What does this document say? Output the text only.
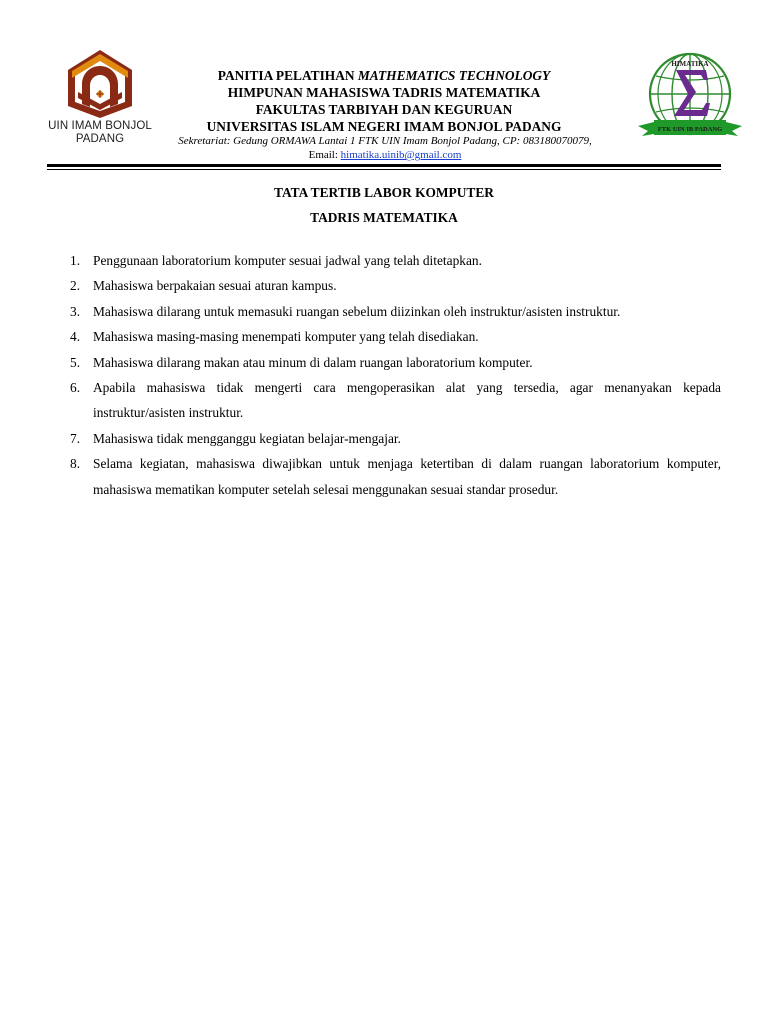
UIN IMAM BONJOL
PADANG
PANITIA PELATIHAN MATHEMATICS TECHNOLOGY
HIMPUNAN MAHASISWA TADRIS MATEMATIKA
FAKULTAS TARBIYAH DAN KEGURUAN
UNIVERSITAS ISLAM NEGERI IMAM BONJOL PADANG
Sekretariat: Gedung ORMAWA Lantai 1 FTK UIN Imam Bonjol Padang, CP: 083180070079,
Email: himatika.uinib@gmail.com
HIMATIKA
FTK UIN IB PADANG
TATA TERTIB LABOR KOMPUTER
TADRIS MATEMATIKA
1. Penggunaan laboratorium komputer sesuai jadwal yang telah ditetapkan.
2. Mahasiswa berpakaian sesuai aturan kampus.
3. Mahasiswa dilarang untuk memasuki ruangan sebelum diizinkan oleh instruktur/asisten instruktur.
4. Mahasiswa masing-masing menempati komputer yang telah disediakan.
5. Mahasiswa dilarang makan atau minum di dalam ruangan laboratorium komputer.
6. Apabila mahasiswa tidak mengerti cara mengoperasikan alat yang tersedia, agar menanyakan kepada instruktur/asisten instruktur.
7. Mahasiswa tidak mengganggu kegiatan belajar-mengajar.
8. Selama kegiatan, mahasiswa diwajibkan untuk menjaga ketertiban di dalam ruangan laboratorium komputer, mahasiswa mematikan komputer setelah selesai menggunakan sesuai standar prosedur.
